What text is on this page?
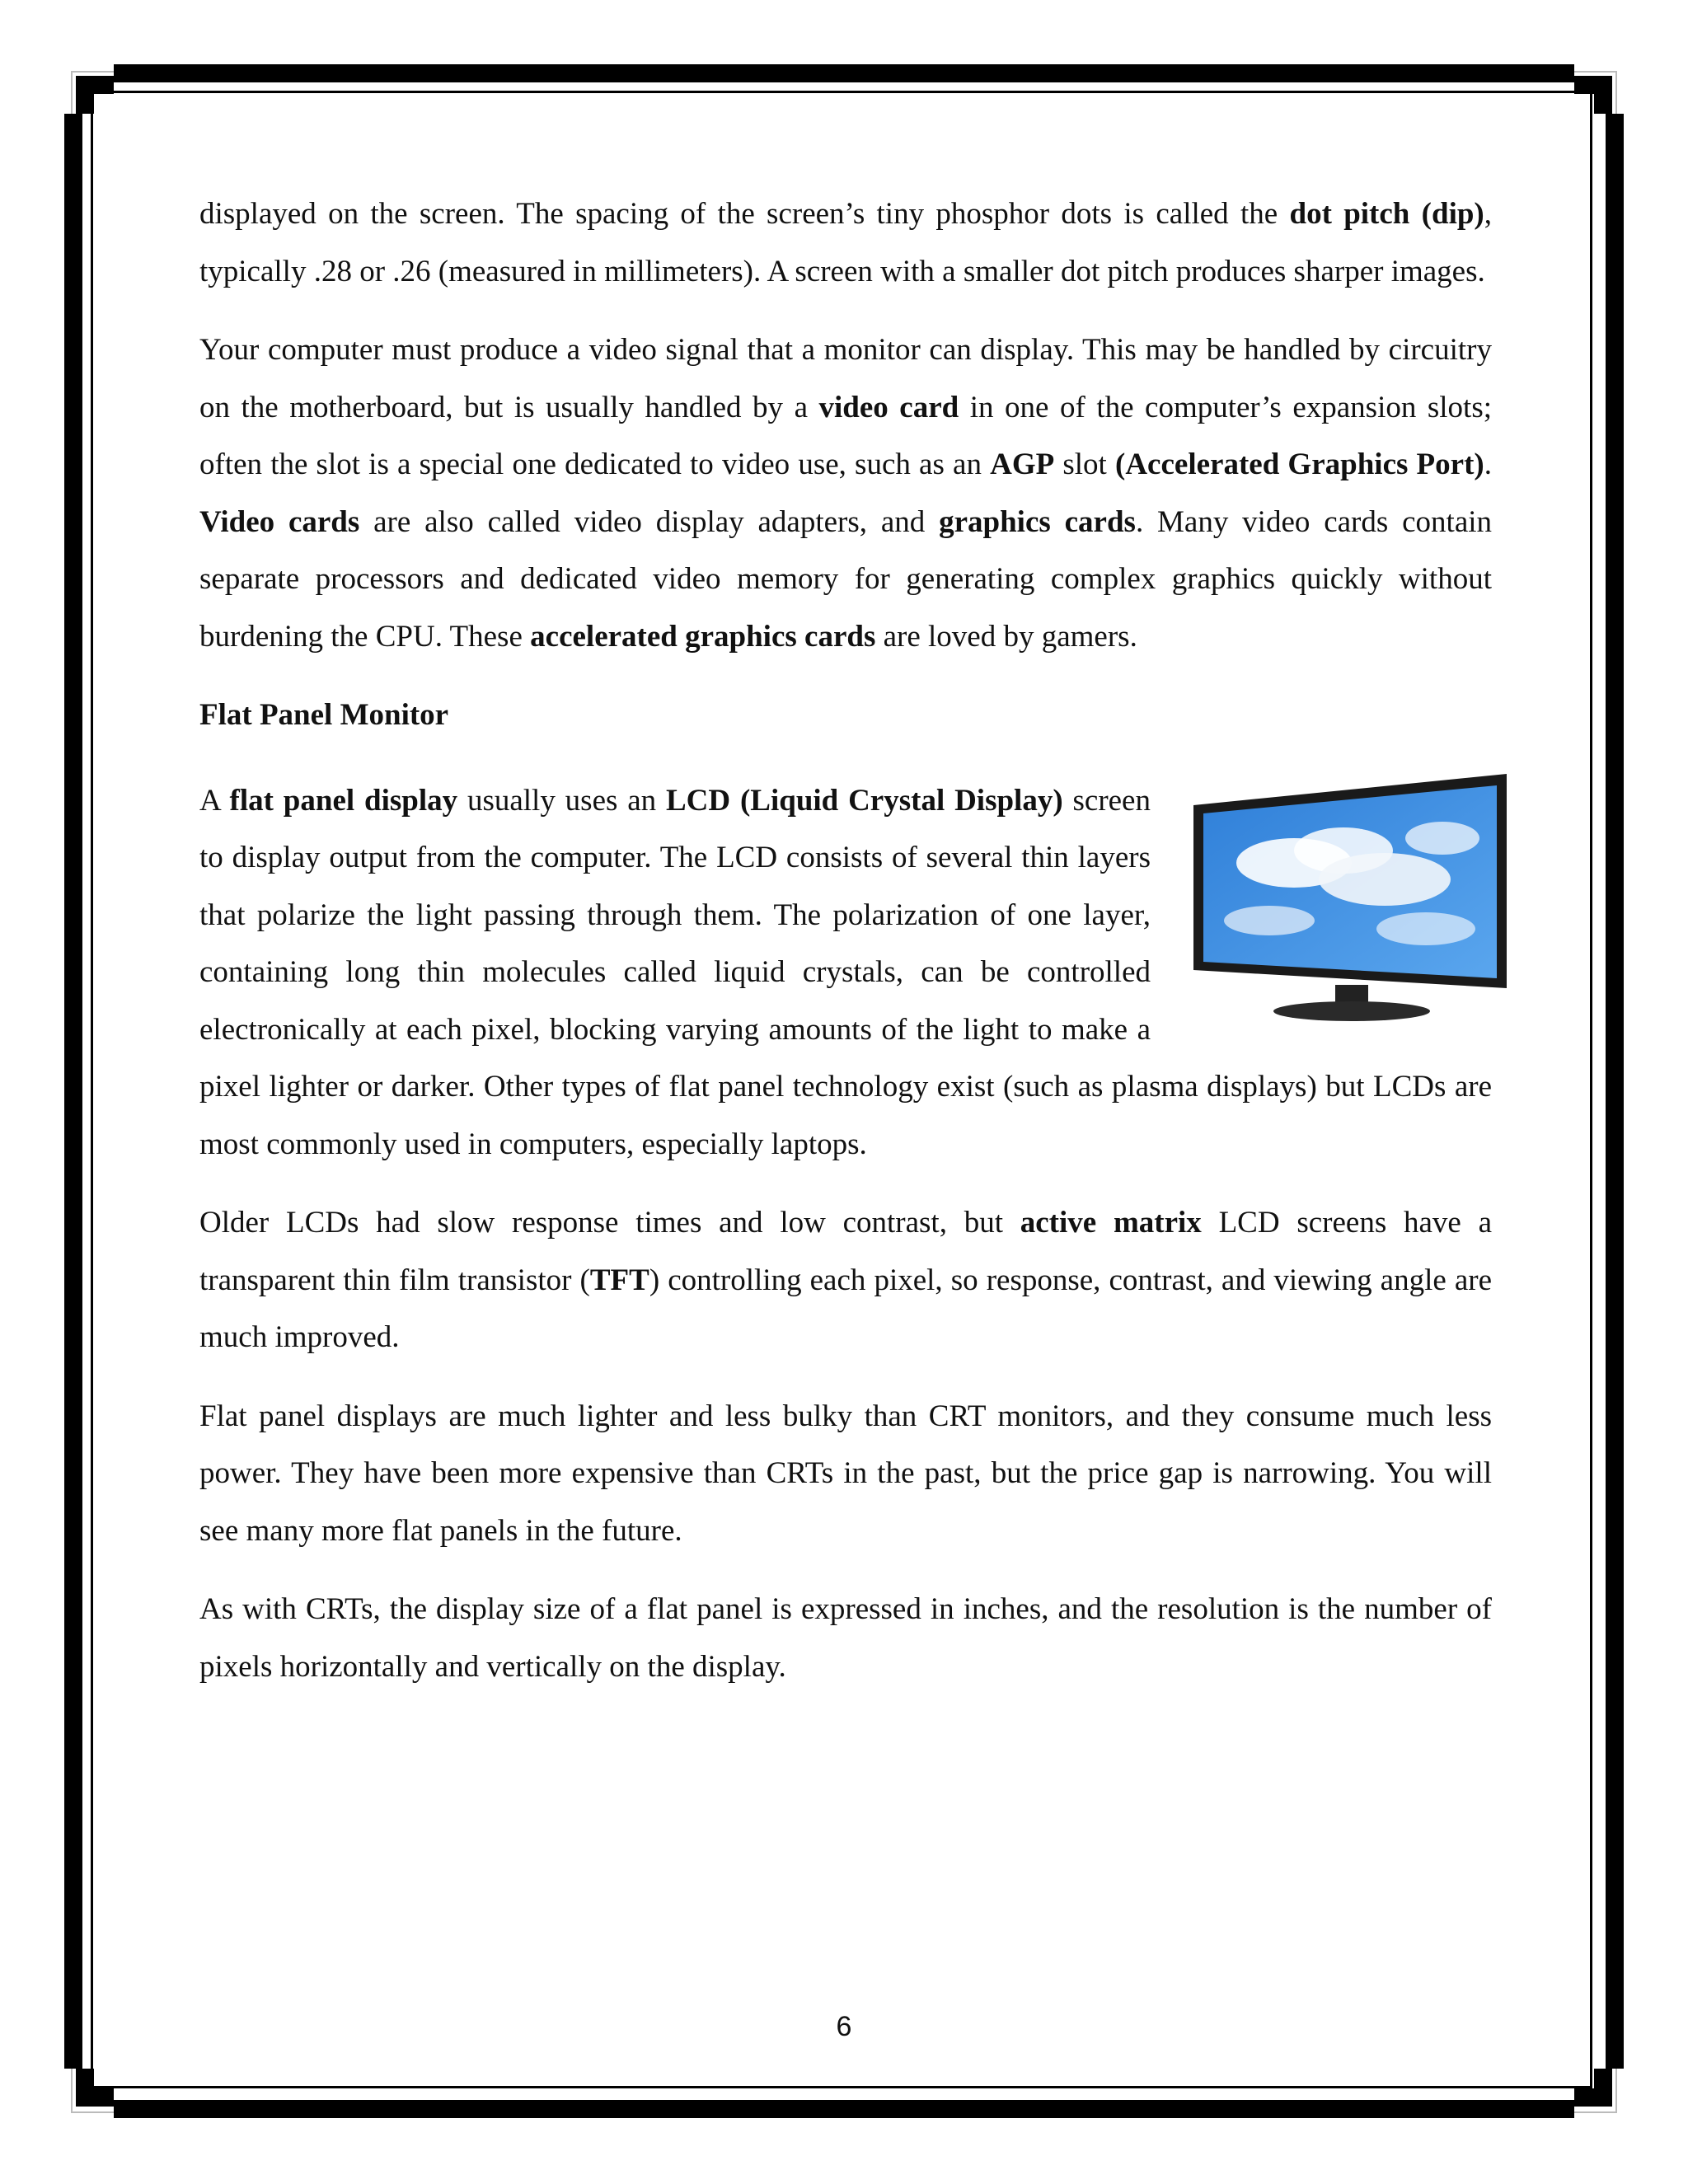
displayed on the screen. The spacing of the screen’s tiny phosphor dots is called the dot pitch (dip), typically .28 or .26 (measured in millimeters). A screen with a smaller dot pitch produces sharper images.

Your computer must produce a video signal that a monitor can display. This may be handled by circuitry on the motherboard, but is usually handled by a video card in one of the computer’s expansion slots; often the slot is a special one dedicated to video use, such as an AGP slot (Accelerated Graphics Port). Video cards are also called video display adapters, and graphics cards. Many video cards contain separate processors and dedicated video memory for generating complex graphics quickly without burdening the CPU. These accelerated graphics cards are loved by gamers.

Flat Panel Monitor

A flat panel display usually uses an LCD (Liquid Crystal Display) screen to display output from the computer. The LCD consists of several thin layers that polarize the light passing through them. The polarization of one layer, containing long thin molecules called liquid crystals, can be controlled electronically at each pixel, blocking varying amounts of the light to make a pixel lighter or darker. Other types of flat panel technology exist (such as plasma displays) but LCDs are most commonly used in computers, especially laptops.

Older LCDs had slow response times and low contrast, but active matrix LCD screens have a transparent thin film transistor (TFT) controlling each pixel, so response, contrast, and viewing angle are much improved.

Flat panel displays are much lighter and less bulky than CRT monitors, and they consume much less power. They have been more expensive than CRTs in the past, but the price gap is narrowing. You will see many more flat panels in the future.

As with CRTs, the display size of a flat panel is expressed in inches, and the resolution is the number of pixels horizontally and vertically on the display.

6
